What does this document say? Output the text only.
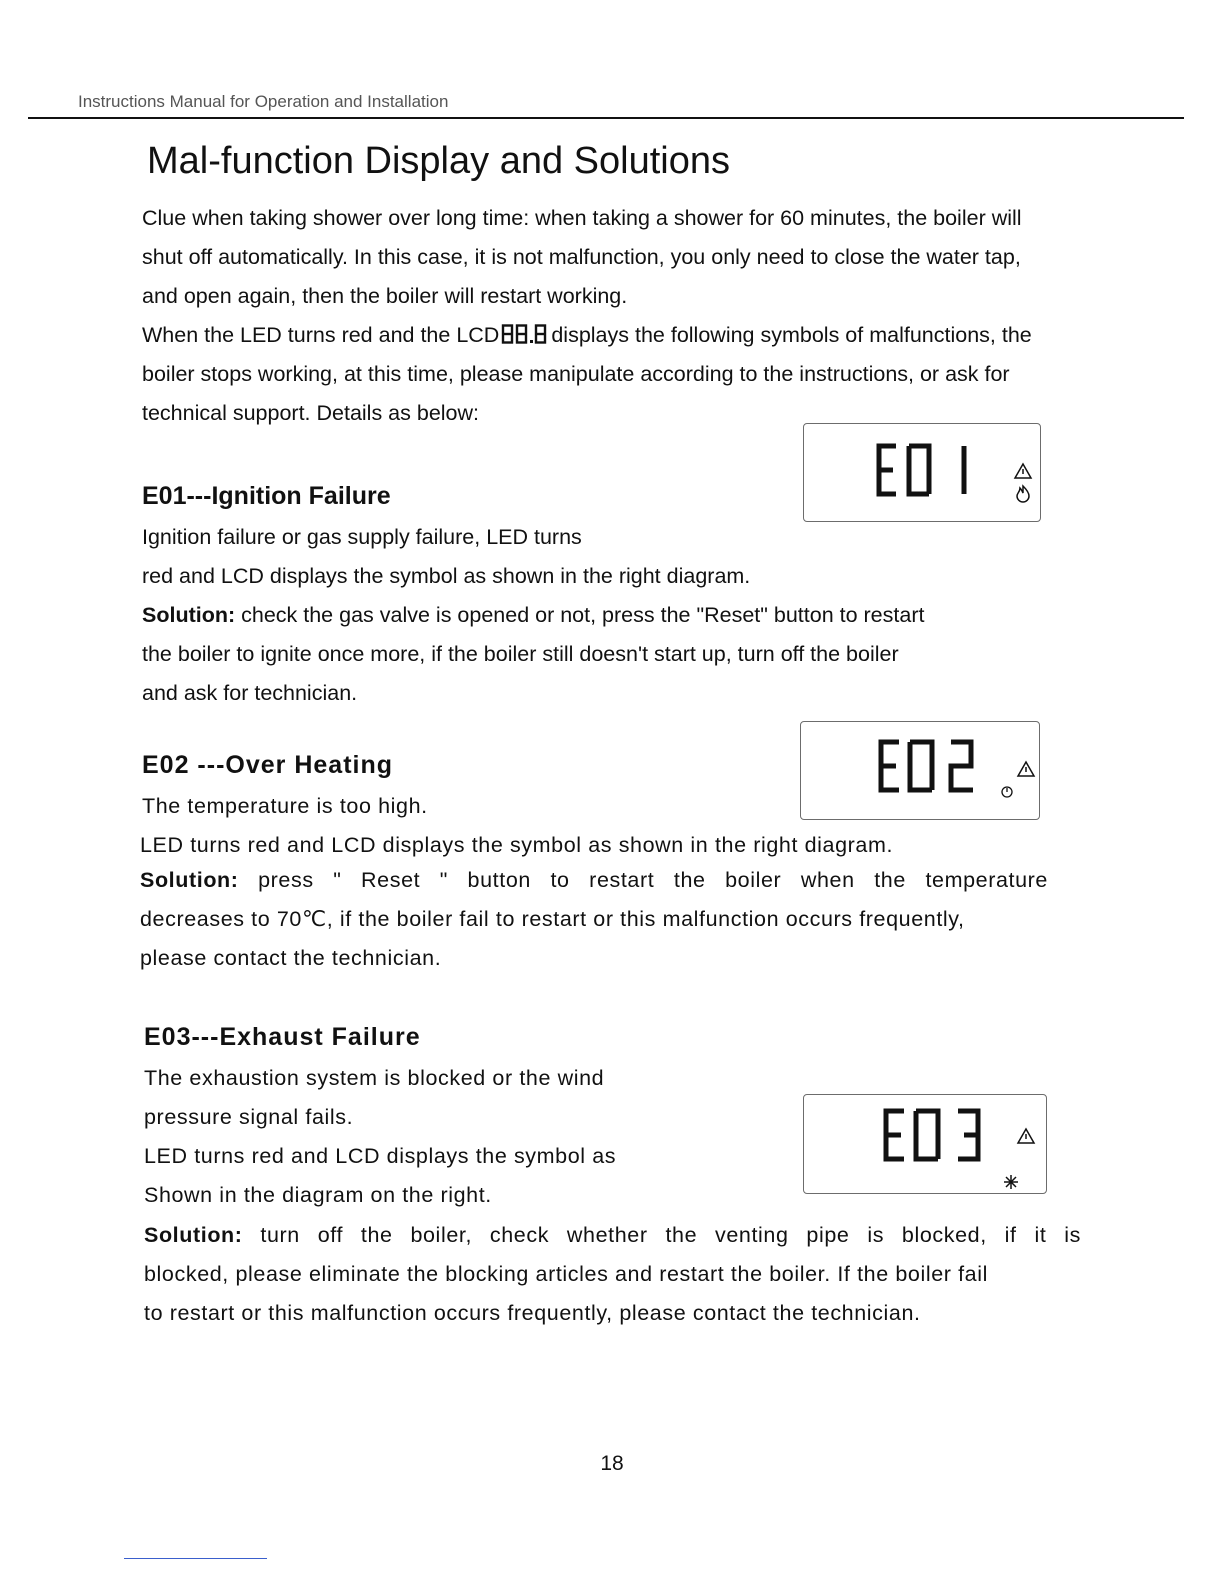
Instructions Manual for Operation and Installation
Mal-function Display and Solutions
Clue when taking shower over long time: when taking a shower for 60 minutes, the boiler will
shut off automatically. In this case, it is not malfunction, you only need to close the water tap,
and open again, then the boiler will restart working.
When the LED turns red and the LCD displays the following symbols of malfunctions, the
boiler stops working, at this time, please manipulate according to the instructions, or ask for
technical support. Details as below:
E01---Ignition Failure
Ignition failure or gas supply failure, LED turns
red and LCD displays the symbol as shown in the right diagram.
Solution: check the gas valve is opened or not, press the "Reset" button to restart
the boiler to ignite once more, if the boiler still doesn't start up, turn off the boiler
and ask for technician.
E02 ---Over Heating
The temperature is too high.
LED turns red and LCD displays the symbol as shown in the right diagram.
Solution: press " Reset " button to restart the boiler when the temperature
decreases to 70℃, if the boiler fail to restart or this malfunction occurs frequently,
please contact the technician.
E03---Exhaust Failure
The exhaustion system is blocked or the wind
pressure signal fails.
LED turns red and LCD displays the symbol as
Shown in the diagram on the right.
Solution: turn off the boiler, check whether the venting pipe is blocked, if it is
blocked, please eliminate the blocking articles and restart the boiler. If the boiler fail
to restart or this malfunction occurs frequently, please contact the technician.
18
